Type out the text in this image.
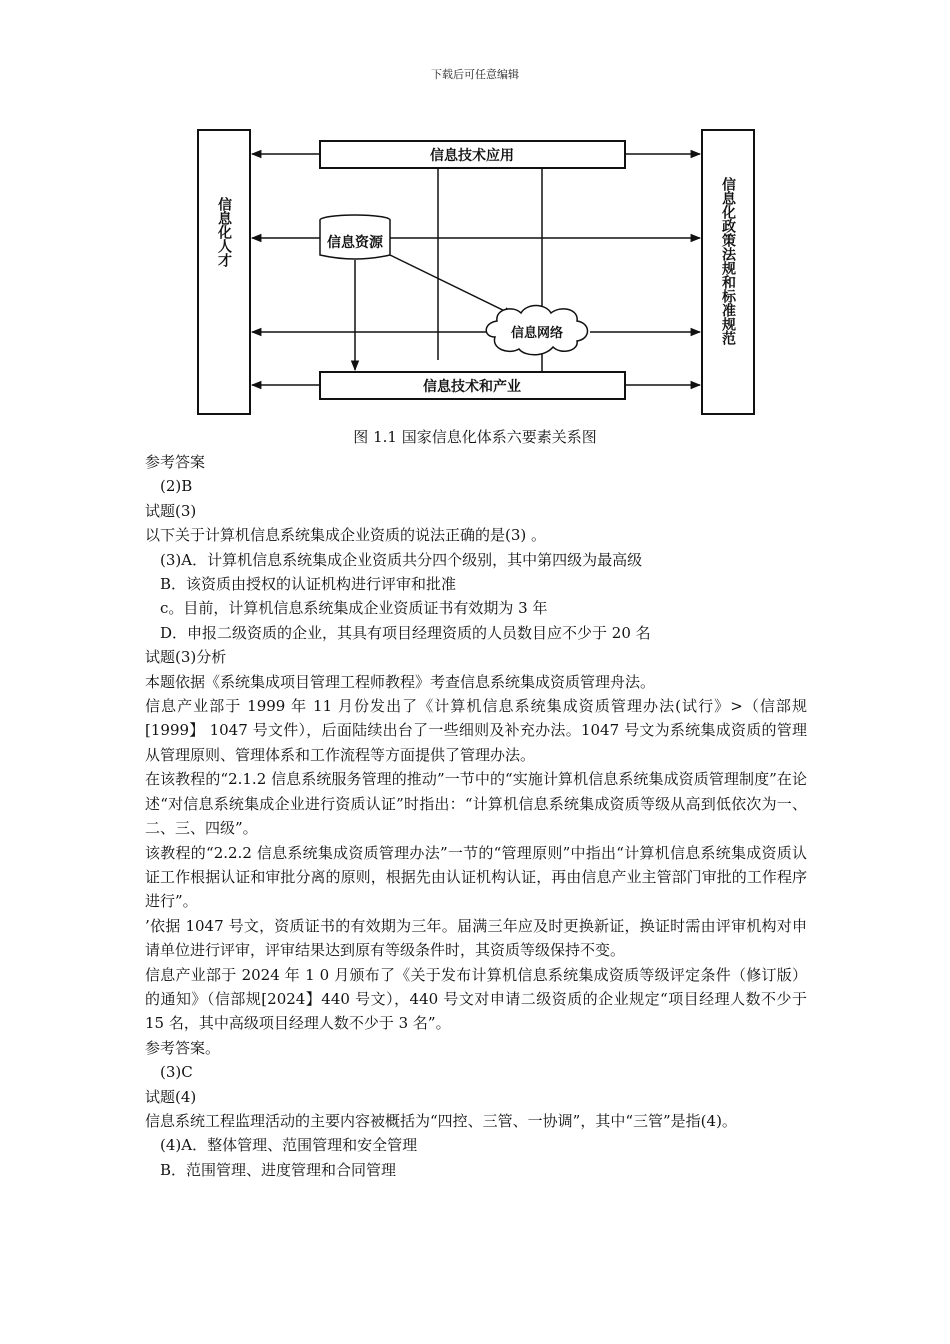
下载后可任意编辑
信息技术应用
信息技术和产业
信息资源
信息网络
信息化人才	信息化政策法规和标准规范
图 1.1 国家信息化体系六要素关系图

参考答案

(2)B

试题(3)

以下关于计算机信息系统集成企业资质的说法正确的是(3) 。

(3)A．计算机信息系统集成企业资质共分四个级别，其中第四级为最高级

B．该资质由授权的认证机构进行评审和批准

c。目前，计算机信息系统集成企业资质证书有效期为 3 年

D．申报二级资质的企业，其具有项目经理资质的人员数目应不少于 20 名

试题(3)分析

本题依据《系统集成项目管理工程师教程》考查信息系统集成资质管理舟法。

信息产业部于 1999 年 11 月份发出了《计算机信息系统集成资质管理办法(试行》>（信部规[1999】 1047 号文件），后面陆续出台了一些细则及补充办法。1047 号文为系统集成资质的管理从管理原则、管理体系和工作流程等方面提供了管理办法。

在该教程的“2.1.2 信息系统服务管理的推动”一节中的“实施计算机信息系统集成资质管理制度”在论述“对信息系统集成企业进行资质认证”时指出：“计算机信息系统集成资质等级从高到低依次为一、二、三、四级”。

该教程的“2.2.2 信息系统集成资质管理办法”一节的“管理原则”中指出“计算机信息系统集成资质认证工作根据认证和审批分离的原则，根据先由认证机构认证，再由信息产业主管部门审批的工作程序进行”。

’依据 1047 号文，资质证书的有效期为三年。届满三年应及时更换新证，换证时需由评审机构对申请单位进行评审，评审结果达到原有等级条件时，其资质等级保持不变。

信息产业部于 2024 年 1 0 月颁布了《关于发布计算机信息系统集成资质等级评定条件（修订版）的通知》（信部规[2024】440 号文），440 号文对申请二级资质的企业规定“项目经理人数不少于 15 名，其中高级项目经理人数不少于 3 名”。

参考答案。

(3)C

试题(4)

信息系统工程监理活动的主要内容被概括为“四控、三管、一协调”，其中“三管”是指(4)。

(4)A．整体管理、范围管理和安全管理

B．范围管理、进度管理和合同管理
